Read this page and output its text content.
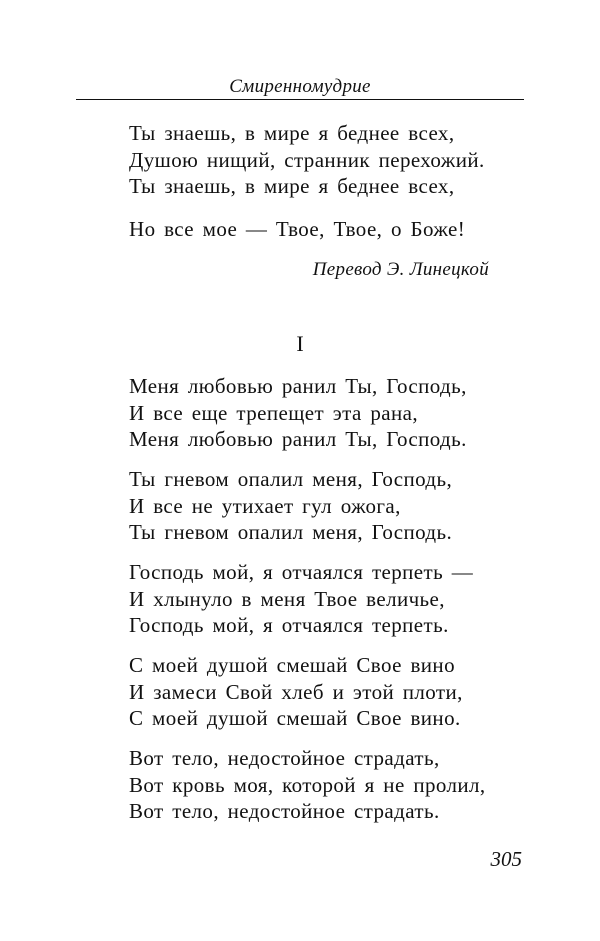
Смиренномудрие
Ты знаешь, в мире я беднее всех,
Душою нищий, странник перехожий.
Ты знаешь, в мире я беднее всех,
Но все мое — Твое, Твое, о Боже!
Перевод Э. Линецкой
I
Меня любовью ранил Ты, Господь,
И все еще трепещет эта рана,
Меня любовью ранил Ты, Господь.
Ты гневом опалил меня, Господь,
И все не утихает гул ожога,
Ты гневом опалил меня, Господь.
Господь мой, я отчаялся терпеть —
И хлынуло в меня Твое величье,
Господь мой, я отчаялся терпеть.
С моей душой смешай Свое вино
И замеси Свой хлеб и этой плоти,
С моей душой смешай Свое вино.
Вот тело, недостойное страдать,
Вот кровь моя, которой я не пролил,
Вот тело, недостойное страдать.
305
